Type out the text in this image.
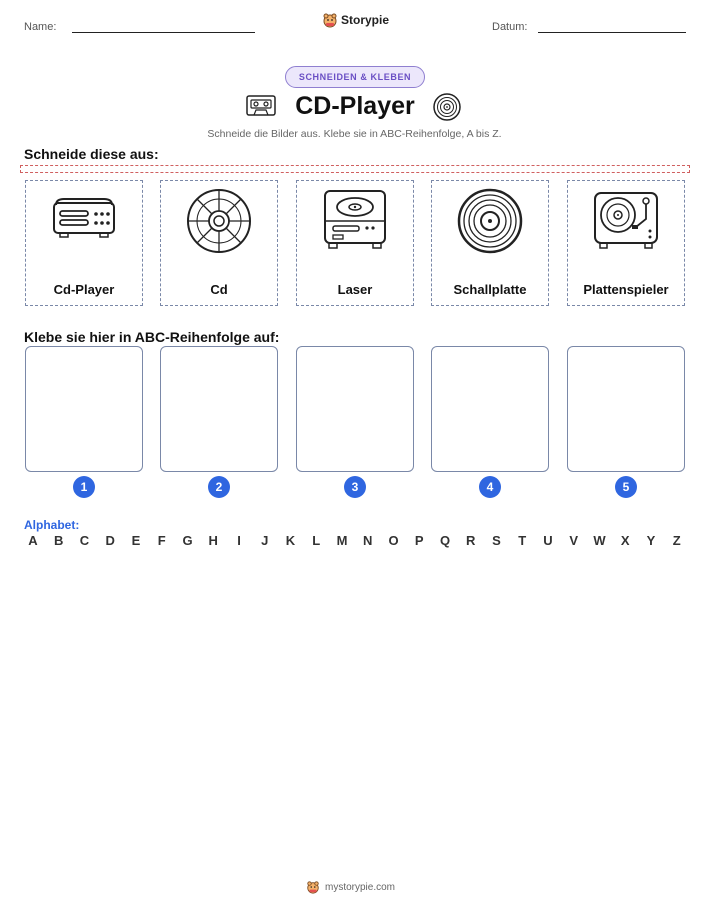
Name:	Storypie	Datum:
SCHNEIDEN & KLEBEN
CD-Player
Schneide die Bilder aus. Klebe sie in ABC-Reihenfolge, A bis Z.
Schneide diese aus:
Cd-Player	Cd	Laser	Schallplatte	Plattenspieler
Klebe sie hier in ABC-Reihenfolge auf:
1	2	3	4	5
Alphabet:
A B C D E F G H	I	J K L M N O P Q R S T U V W X Y Z
mystorypie.com
